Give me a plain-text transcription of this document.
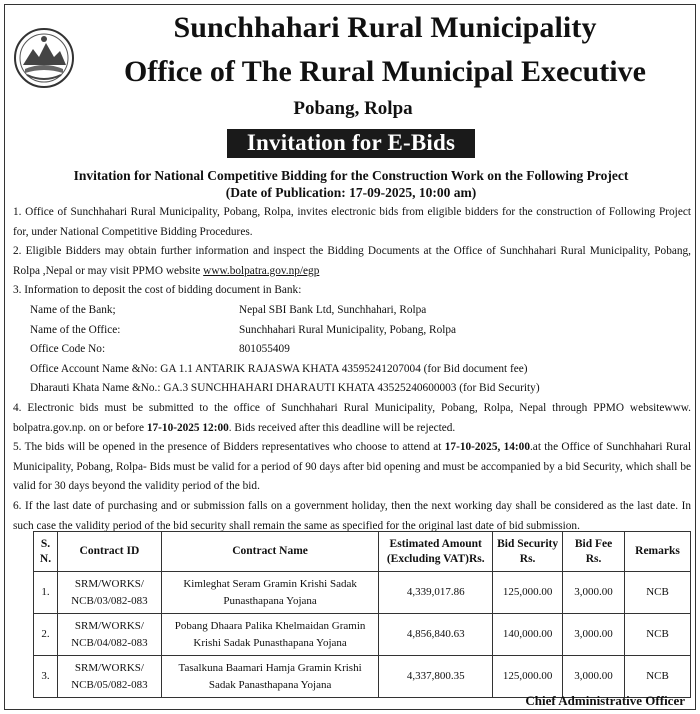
Sunchhahari Rural Municipality
Office of The Rural Municipal Executive
Pobang, Rolpa
Invitation for E-Bids
Invitation for National Competitive Bidding for the Construction Work on the Following Project
(Date of Publication: 17-09-2025, 10:00 am)

1. Office of Sunchhahari Rural Municipality, Pobang, Rolpa, invites electronic bids from eligible bidders for the construction of Following Project for, under National Competitive Bidding Procedures.

2. Eligible Bidders may obtain further information and inspect the Bidding Documents at the Office of Sunchhahari Rural Municipality, Pobang, Rolpa ,Nepal or may visit PPMO website www.bolpatra.gov.np/egp

3. Information to deposit the cost of bidding document in Bank:

Name of the Bank;	Nepal SBI Bank Ltd, Sunchhahari, Rolpa
Name of the Office:	Sunchhahari Rural Municipality, Pobang, Rolpa
Office Code No:	801055409

Office Account Name &No: GA 1.1 ANTARIK RAJASWA KHATA 43595241207004 (for Bid document fee)

Dharauti Khata Name &No.: GA.3 SUNCHHAHARI DHARAUTI KHATA 43525240600003 (for Bid Security)

4. Electronic bids must be submitted to the office of Sunchhahari Rural Municipality, Pobang, Rolpa, Nepal through PPMO websitewww. bolpatra.gov.np. on or before 17-10-2025 12:00. Bids received after this deadline will be rejected.

5. The bids will be opened in the presence of Bidders representatives who choose to attend at 17-10-2025, 14:00.at the Office of Sunchhahari Rural Municipality, Pobang, Rolpa- Bids must be valid for a period of 90 days after bid opening and must be accompanied by a bid Security, which shall be valid for 30 days beyond the validity period of the bid.

6. If the last date of purchasing and or submission falls on a government holiday, then the next working day shall be considered as the last date. In such case the validity period of the bid security shall remain the same as specified for the original last date of bid submission.

S. N.	Contract ID	Contract Name	Estimated Amount (Excluding VAT)Rs.	Bid Security Rs.	Bid Fee Rs.	Remarks
1.	SRM/WORKS/ NCB/03/082-083	Kimleghat Seram Gramin Krishi Sadak Punasthapana Yojana	4,339,017.86	125,000.00	3,000.00	NCB
2.	SRM/WORKS/ NCB/04/082-083	Pobang Dhaara Palika Khelmaidan Gramin Krishi Sadak Punasthapana Yojana	4,856,840.63	140,000.00	3,000.00	NCB
3.	SRM/WORKS/ NCB/05/082-083	Tasalkuna Baamari Hamja Gramin Krishi Sadak Panasthapana Yojana	4,337,800.35	125,000.00	3,000.00	NCB
Chief Administrative Officer
